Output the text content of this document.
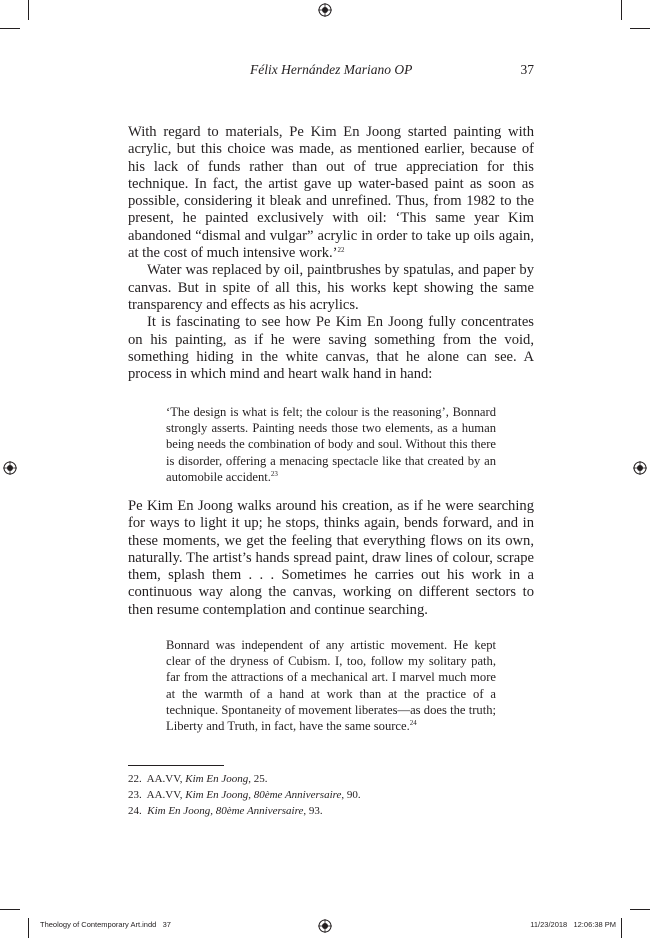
Félix Hernández Mariano OP	37

With regard to materials, Pe Kim En Joong started painting with acrylic, but this choice was made, as mentioned earlier, because of his lack of funds rather than out of true appreciation for this technique. In fact, the artist gave up water-based paint as soon as possible, considering it bleak and unrefined. Thus, from 1982 to the present, he painted exclusively with oil: ‘This same year Kim abandoned “dismal and vulgar” acrylic in order to take up oils again, at the cost of much intensive work.’$^{22}$

Water was replaced by oil, paintbrushes by spatulas, and paper by canvas. But in spite of all this, his works kept showing the same transparency and effects as his acrylics.

It is fascinating to see how Pe Kim En Joong fully concentrates on his painting, as if he were saving something from the void, something hiding in the white canvas, that he alone can see. A process in which mind and heart walk hand in hand:

‘The design is what is felt; the colour is the reasoning’, Bonnard strongly asserts. Painting needs those two elements, as a human being needs the combination of body and soul. Without this there is disorder, offering a menacing spectacle like that created by an automobile accident.$^{23}$

Pe Kim En Joong walks around his creation, as if he were searching for ways to light it up; he stops, thinks again, bends forward, and in these moments, we get the feeling that everything flows on its own, naturally. The artist’s hands spread paint, draw lines of colour, scrape them, splash them . . . Sometimes he carries out his work in a continuous way along the canvas, working on different sectors to then resume contemplation and continue searching.

Bonnard was independent of any artistic movement. He kept clear of the dryness of Cubism. I, too, follow my solitary path, far from the attractions of a mechanical art. I marvel much more at the warmth of a hand at work than at the practice of a technique. Spontaneity of movement liberates—as does the truth; Liberty and Truth, in fact, have the same source.$^{24}$
22. AA.VV, Kim En Joong, 25.
23. AA.VV, Kim En Joong, 80ème Anniversaire, 90.
24. Kim En Joong, 80ème Anniversaire, 93.
Theology of Contemporary Art.indd   37	11/23/2018   12:06:38 PM
